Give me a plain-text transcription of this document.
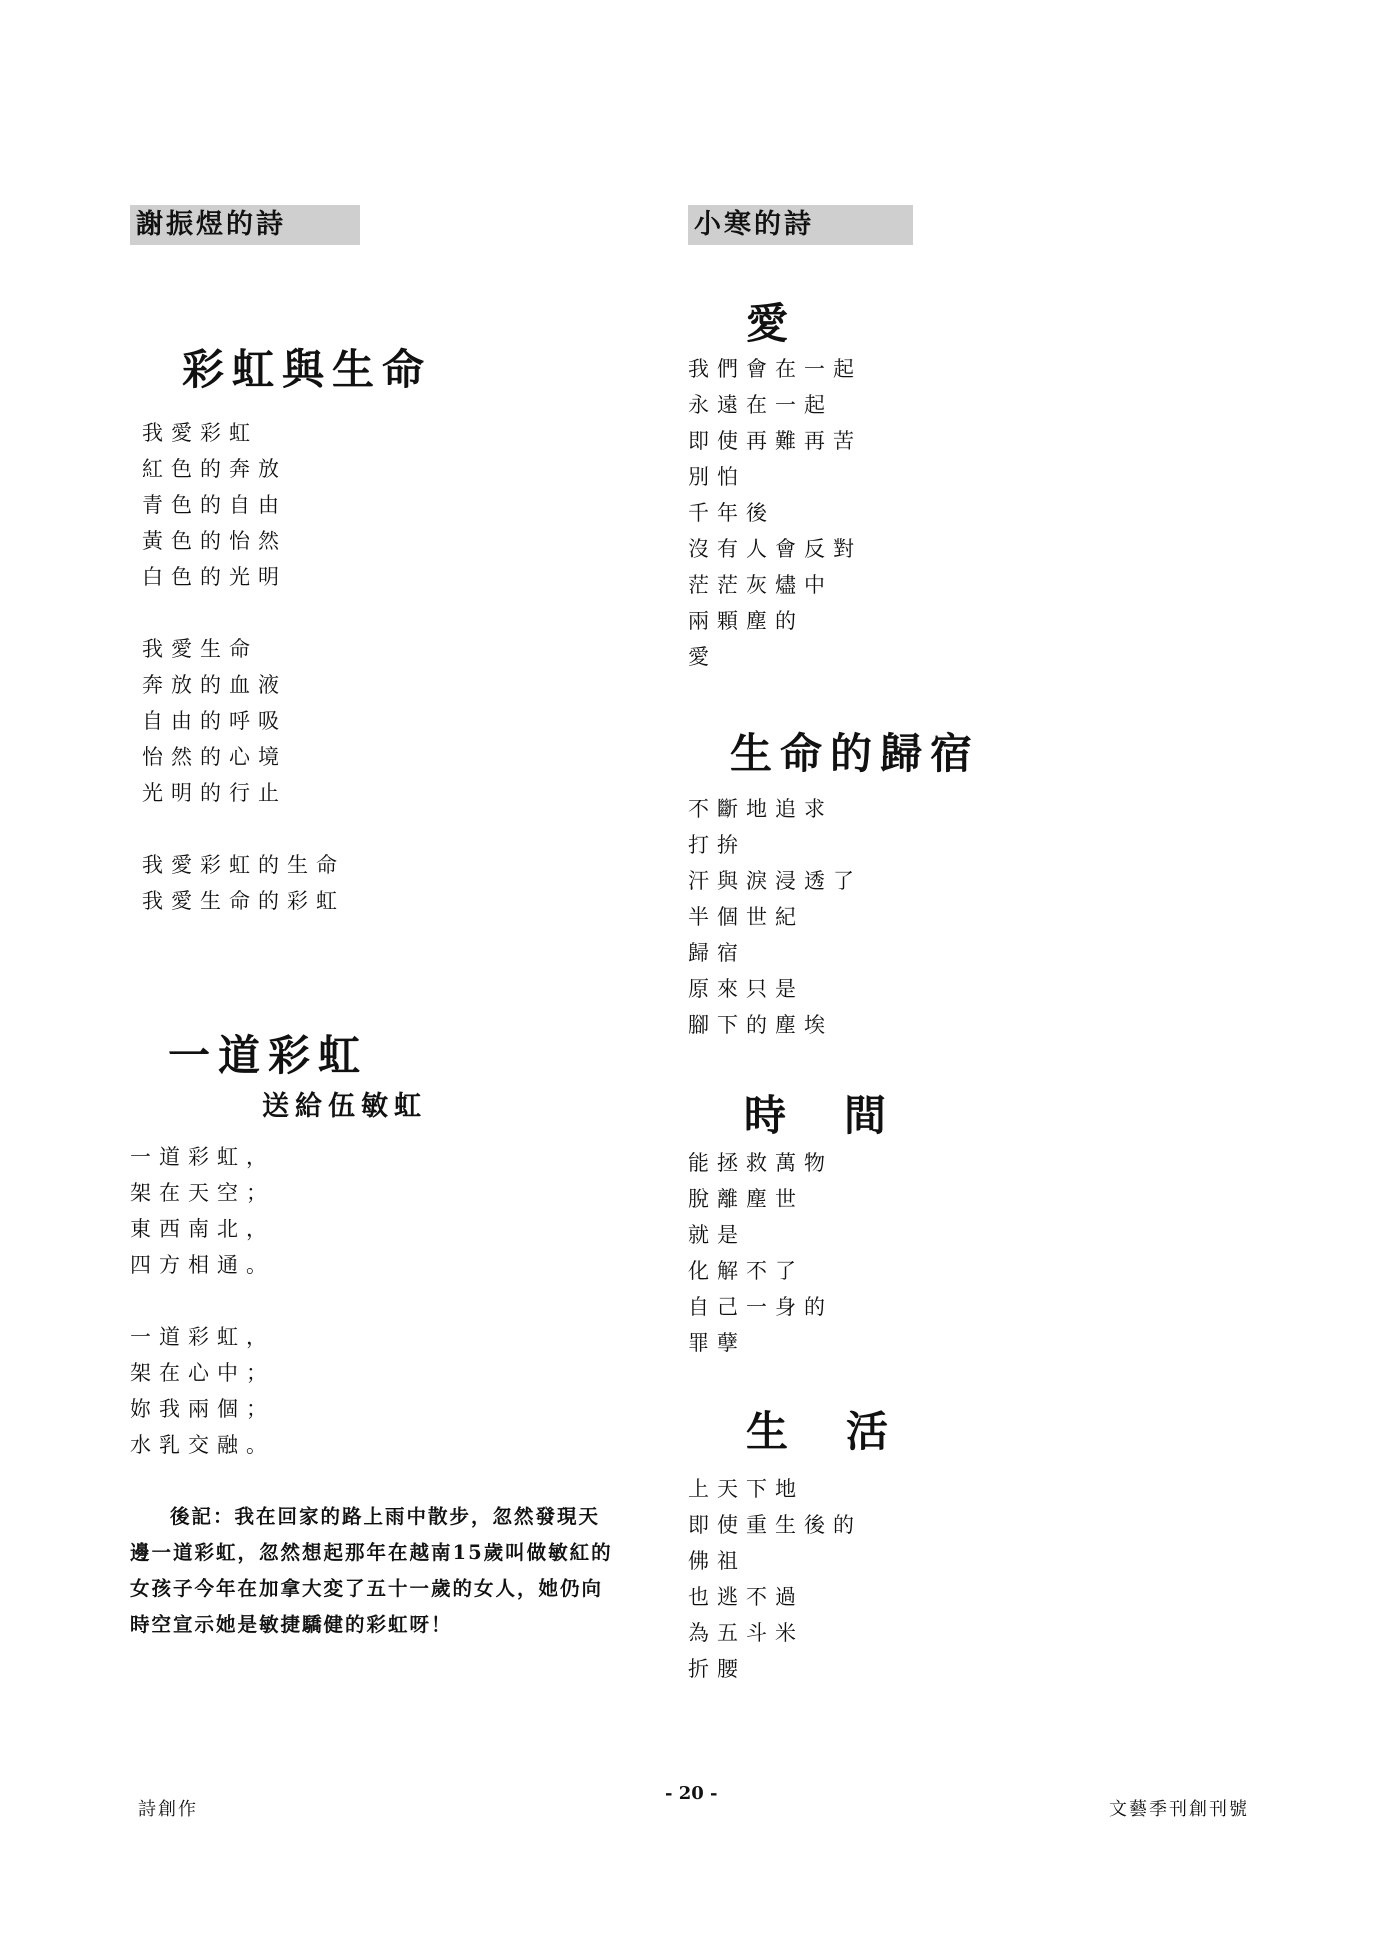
謝振煜的詩
彩虹與生命
我愛彩虹
紅色的奔放
青色的自由
黃色的怡然
白色的光明
我愛生命
奔放的血液
自由的呼吸
怡然的心境
光明的行止
我愛彩虹的生命
我愛生命的彩虹
一道彩虹
送給伍敏虹
一道彩虹，
架在天空；
東西南北，
四方相通。
一道彩虹，
架在心中；
妳我兩個；
水乳交融。
後記：我在回家的路上雨中散步，忽然發現天邊一道彩虹，忽然想起那年在越南15歲叫做敏紅的女孩子今年在加拿大変了五十一歲的女人，她仍向時空宣示她是敏捷驕健的彩虹呀！
小寒的詩
愛
我們會在一起
永遠在一起
即使再難再苦
別怕
千年後
沒有人會反對
茫茫灰燼中
兩顆塵的
愛
生命的歸宿
不斷地追求
打拚
汗與淚浸透了
半個世紀
歸宿
原來只是
腳下的塵埃
時　間
能拯救萬物
脫離塵世
就是
化解不了
自己一身的
罪孽
生　活
上天下地
即使重生後的
佛祖
也逃不過
為五斗米
折腰
詩創作
- 20 -
文藝季刊創刊號
